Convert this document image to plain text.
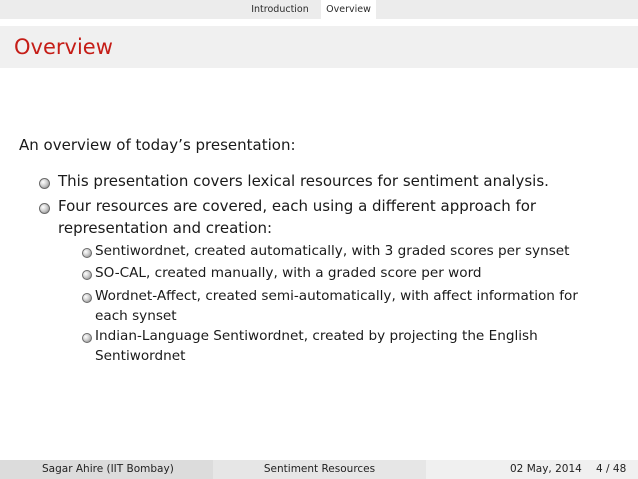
Introduction	Overview
Overview
An overview of today’s presentation:
This presentation covers lexical resources for sentiment analysis.
Four resources are covered, each using a different approach for
representation and creation:
Sentiwordnet, created automatically, with 3 graded scores per synset
SO-CAL, created manually, with a graded score per word
Wordnet-Affect, created semi-automatically, with affect information for
each synset
Indian-Language Sentiwordnet, created by projecting the English
Sentiwordnet
Sagar Ahire (IIT Bombay)	Sentiment Resources	02 May, 2014 4 / 48
